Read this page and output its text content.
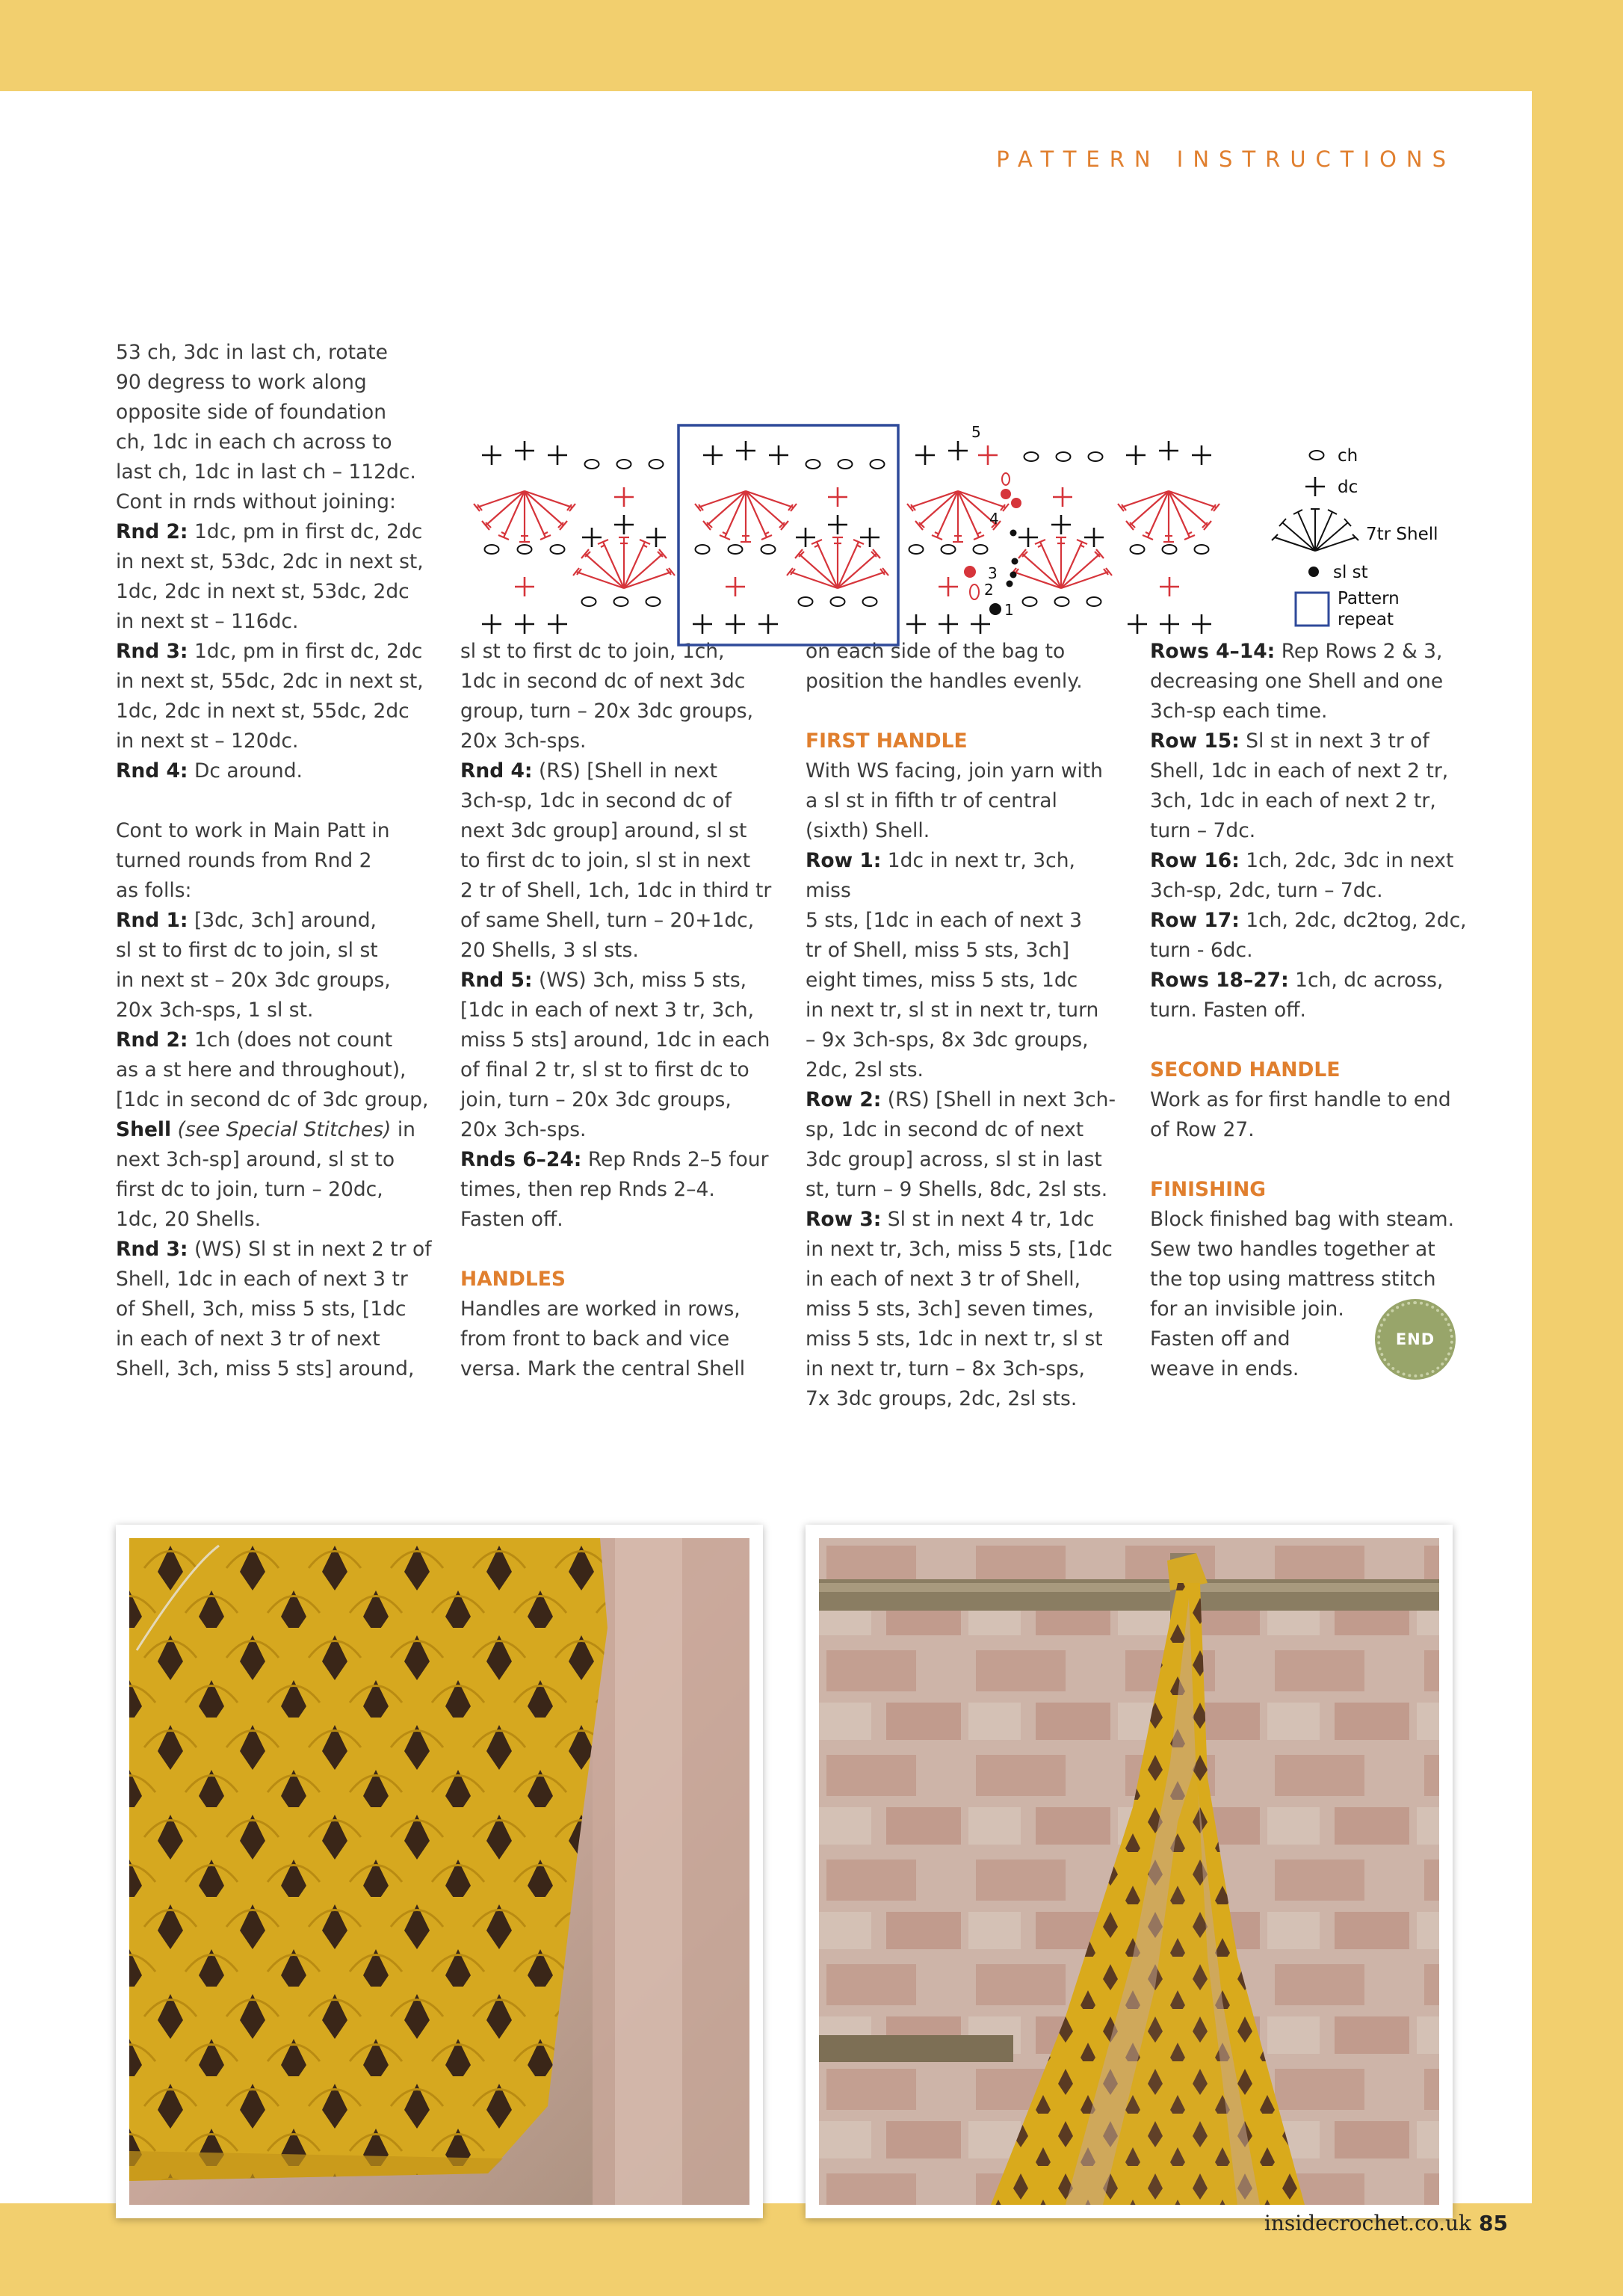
PATTERN INSTRUCTIONS

53 ch, 3dc in last ch, rotate

90 degress to work along

opposite side of foundation

ch, 1dc in each ch across to

last ch, 1dc in last ch – 112dc.

Cont in rnds without joining:

Rnd 2: 1dc, pm in first dc, 2dc

in next st, 53dc, 2dc in next st,

1dc, 2dc in next st, 53dc, 2dc

in next st – 116dc.

Rnd 3: 1dc, pm in first dc, 2dc

in next st, 55dc, 2dc in next st,

1dc, 2dc in next st, 55dc, 2dc

in next st – 120dc.

Rnd 4: Dc around.

Cont to work in Main Patt in

turned rounds from Rnd 2

as folls:

Rnd 1: [3dc, 3ch] around,

sl st to first dc to join, sl st

in next st – 20x 3dc groups,

20x 3ch-sps, 1 sl st.

Rnd 2: 1ch (does not count

as a st here and throughout),

[1dc in second dc of 3dc group,

Shell (see Special Stitches) in

next 3ch-sp] around, sl st to

first dc to join, turn – 20dc,

1dc, 20 Shells.

Rnd 3: (WS) Sl st in next 2 tr of

Shell, 1dc in each of next 3 tr

of Shell, 3ch, miss 5 sts, [1dc

in each of next 3 tr of next

Shell, 3ch, miss 5 sts] around,

sl st to first dc to join, 1ch,

1dc in second dc of next 3dc

group, turn – 20x 3dc groups,

20x 3ch-sps.

Rnd 4: (RS) [Shell in next

3ch-sp, 1dc in second dc of

next 3dc group] around, sl st

to first dc to join, sl st in next

2 tr of Shell, 1ch, 1dc in third tr

of same Shell, turn – 20+1dc,

20 Shells, 3 sl sts.

Rnd 5: (WS) 3ch, miss 5 sts,

[1dc in each of next 3 tr, 3ch,

miss 5 sts] around, 1dc in each

of final 2 tr, sl st to first dc to

join, turn – 20x 3dc groups,

20x 3ch-sps.

Rnds 6–24: Rep Rnds 2–5 four

times, then rep Rnds 2–4.

Fasten off.

HANDLES

Handles are worked in rows,

from front to back and vice

versa. Mark the central Shell

on each side of the bag to

position the handles evenly.

FIRST HANDLE

With WS facing, join yarn with

a sl st in fifth tr of central

(sixth) Shell.

Row 1: 1dc in next tr, 3ch, miss

5 sts, [1dc in each of next 3

tr of Shell, miss 5 sts, 3ch]

eight times, miss 5 sts, 1dc

in next tr, sl st in next tr, turn

– 9x 3ch-sps, 8x 3dc groups,

2dc, 2sl sts.

Row 2: (RS) [Shell in next 3ch-

sp, 1dc in second dc of next

3dc group] across, sl st in last

st, turn – 9 Shells, 8dc, 2sl sts.

Row 3: Sl st in next 4 tr, 1dc

in next tr, 3ch, miss 5 sts, [1dc

in each of next 3 tr of Shell,

miss 5 sts, 3ch] seven times,

miss 5 sts, 1dc in next tr, sl st

in next tr, turn – 8x 3ch-sps,

7x 3dc groups, 2dc, 2sl sts.

Rows 4–14: Rep Rows 2 & 3,

decreasing one Shell and one

3ch-sp each time.

Row 15: Sl st in next 3 tr of

Shell, 1dc in each of next 2 tr,

3ch, 1dc in each of next 2 tr,

turn – 7dc.

Row 16: 1ch, 2dc, 3dc in next

3ch-sp, 2dc, turn – 7dc.

Row 17: 1ch, 2dc, dc2tog, 2dc,

turn - 6dc.

Rows 18–27: 1ch, dc across,

turn. Fasten off.

SECOND HANDLE

Work as for first handle to end

of Row 27.

FINISHING

Block finished bag with steam.

Sew two handles together at

the top using mattress stitch

for an invisible join.

Fasten off and

weave in ends.

END
5
4
3
2
1
ch
dc
7tr Shell
sl st
Pattern
repeat
insidecrochet.co.uk 85
